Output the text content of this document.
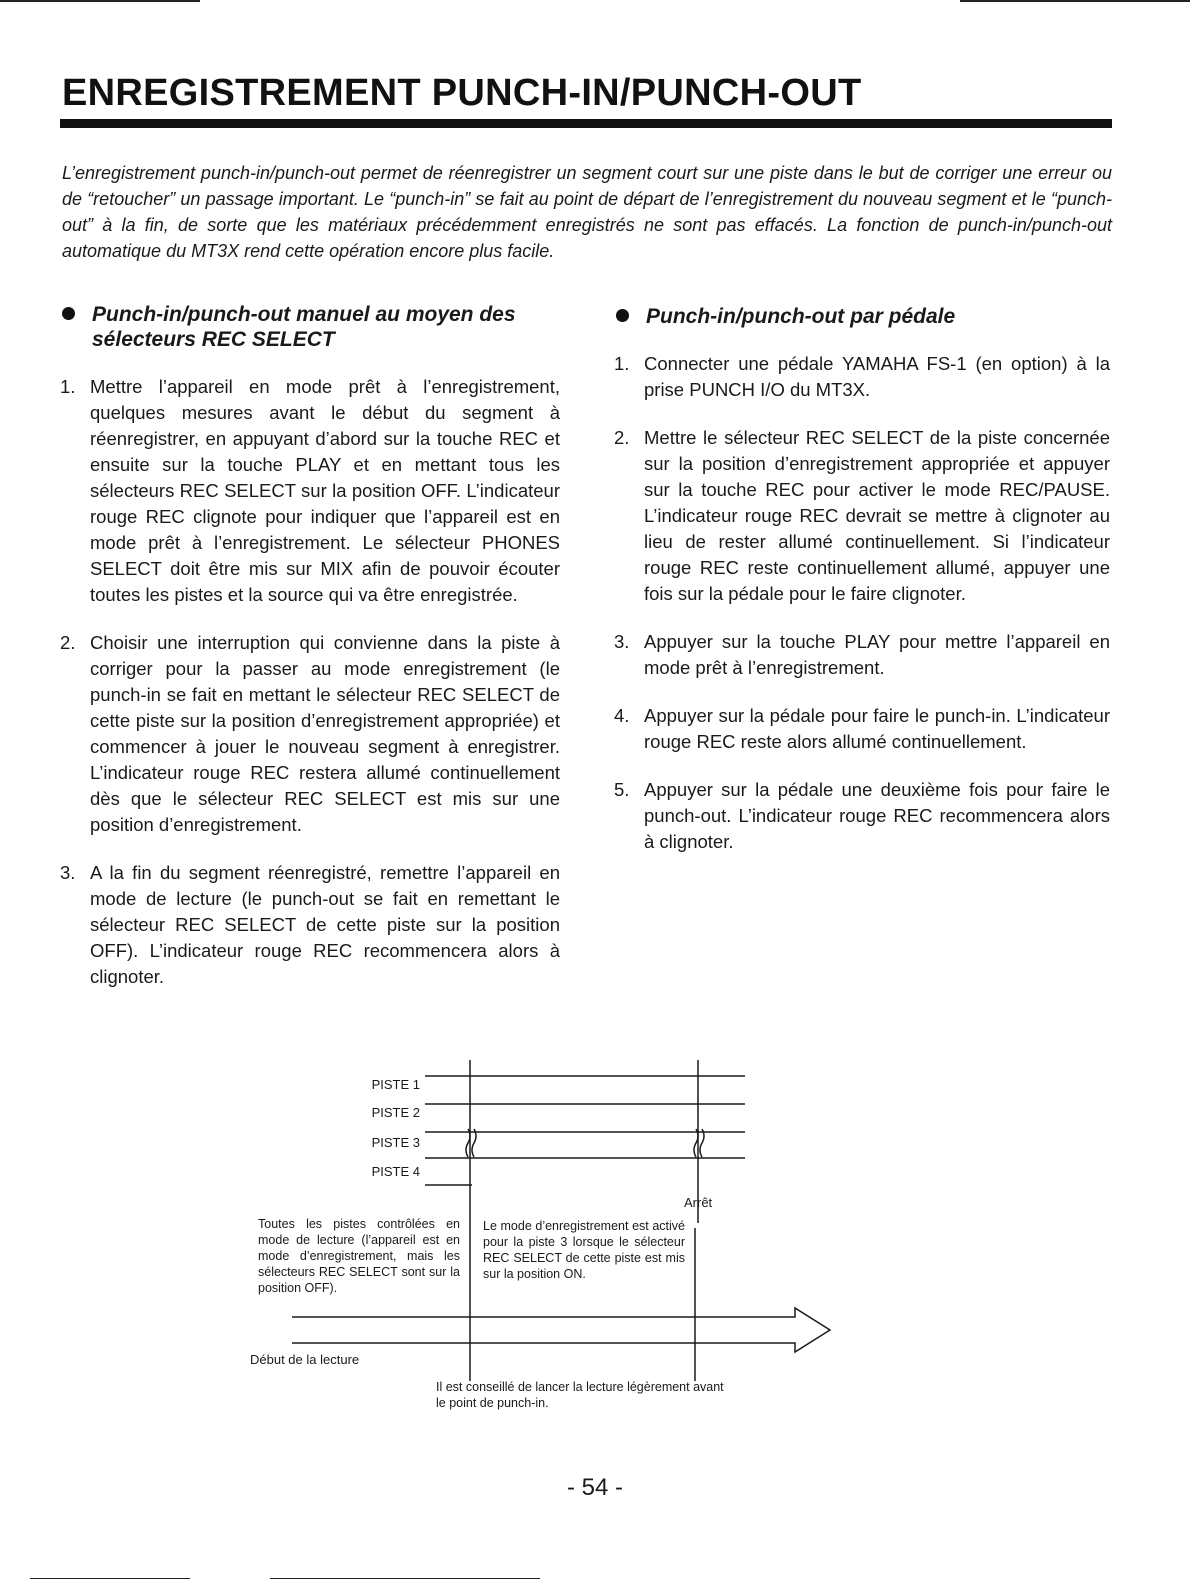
ENREGISTREMENT PUNCH-IN/PUNCH-OUT

L’enregistrement punch-in/punch-out permet de réenregistrer un segment court sur une piste dans le but de corriger une erreur ou de “retoucher” un passage important. Le “punch-in” se fait au point de départ de l’enregistrement du nouveau segment et le “punch-out” à la fin, de sorte que les matériaux précédemment enregistrés ne sont pas effacés. La fonction de punch-in/punch-out automatique du MT3X rend cette opération encore plus facile.

Punch-in/punch-out manuel au moyen des sélecteurs REC SELECT
1. Mettre l’appareil en mode prêt à l’enregistrement, quelques mesures avant le début du segment à réenregistrer, en appuyant d’abord sur la touche REC et ensuite sur la touche PLAY et en mettant tous les sélecteurs REC SELECT sur la position OFF. L’indicateur rouge REC clignote pour indiquer que l’appareil est en mode prêt à l’enregistrement. Le sélecteur PHONES SELECT doit être mis sur MIX afin de pouvoir écouter toutes les pistes et la source qui va être enregistrée.
2. Choisir une interruption qui convienne dans la piste à corriger pour la passer au mode enregistrement (le punch-in se fait en mettant le sélecteur REC SELECT de cette piste sur la position d’enregistrement appropriée) et commencer à jouer le nouveau segment à enregistrer. L’indicateur rouge REC restera allumé continuellement dès que le sélecteur REC SELECT est mis sur une position d’enregistrement.
3. A la fin du segment réenregistré, remettre l’appareil en mode de lecture (le punch-out se fait en remettant le sélecteur REC SELECT de cette piste sur la position OFF). L’indicateur rouge REC recommencera alors à clignoter.
Punch-in/punch-out par pédale
1. Connecter une pédale YAMAHA FS-1 (en option) à la prise PUNCH I/O du MT3X.
2. Mettre le sélecteur REC SELECT de la piste concernée sur la position d’enregistrement appropriée et appuyer sur la touche REC pour activer le mode REC/PAUSE. L’indicateur rouge REC devrait se mettre à clignoter au lieu de rester allumé continuellement. Si l’indicateur rouge REC reste continuellement allumé, appuyer une fois sur la pédale pour le faire clignoter.
3. Appuyer sur la touche PLAY pour mettre l’appareil en mode prêt à l’enregistrement.
4. Appuyer sur la pédale pour faire le punch-in. L’indicateur rouge REC reste alors allumé continuellement.
5. Appuyer sur la pédale une deuxième fois pour faire le punch-out. L’indicateur rouge REC recommencera alors à clignoter.
PISTE 1
PISTE 2
PISTE 3
PISTE 4
Arrêt
Début de la lecture

Toutes les pistes contrôlées en mode de lecture (l’appareil est en mode d’enregistrement, mais les sélecteurs REC SELECT sont sur la position OFF).

Le mode d’enregistrement est activé pour la piste 3 lorsque le sélecteur REC SELECT de cette piste est mis sur la position ON.

Il est conseillé de lancer la lecture légèrement avant le point de punch-in.

- 54 -
